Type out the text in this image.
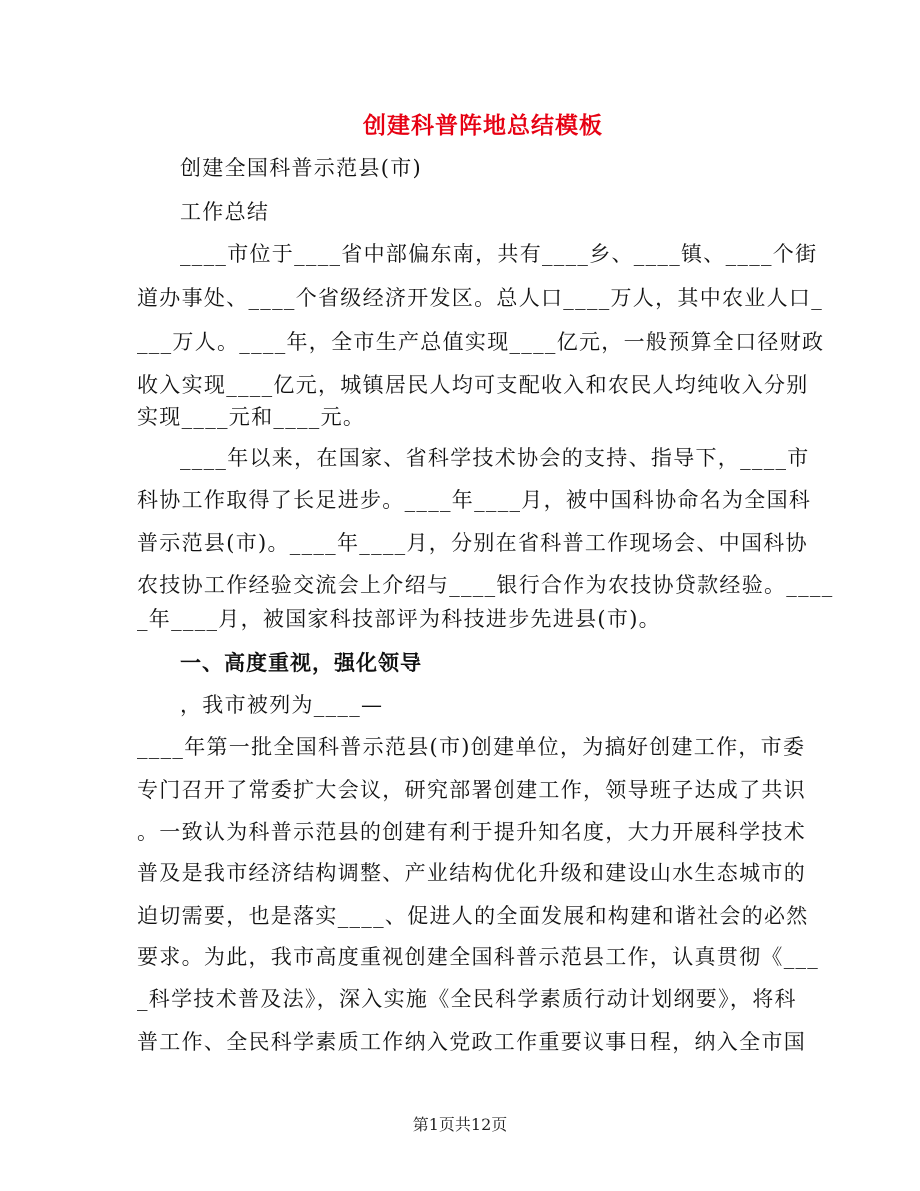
创建科普阵地总结模板
创建全国科普示范县(市)
工作总结
____市位于____省中部偏东南，共有____乡、____镇、____个街
道办事处、____个省级经济开发区。总人口____万人，其中农业人口_
___万人。____年，全市生产总值实现____亿元，一般预算全口径财政
收入实现____亿元，城镇居民人均可支配收入和农民人均纯收入分别
实现____元和____元。
____年以来，在国家、省科学技术协会的支持、指导下，____市
科协工作取得了长足进步。____年____月，被中国科协命名为全国科
普示范县(市)。____年____月，分别在省科普工作现场会、中国科协
农技协工作经验交流会上介绍与____银行合作为农技协贷款经验。____
_年____月，被国家科技部评为科技进步先进县(市)。
一、高度重视，强化领导
，我市被列为____—
____年第一批全国科普示范县(市)创建单位，为搞好创建工作，市委
专门召开了常委扩大会议，研究部署创建工作，领导班子达成了共识
。一致认为科普示范县的创建有利于提升知名度，大力开展科学技术
普及是我市经济结构调整、产业结构优化升级和建设山水生态城市的
迫切需要，也是落实____、促进人的全面发展和构建和谐社会的必然
要求。为此，我市高度重视创建全国科普示范县工作，认真贯彻《___
_科学技术普及法》，深入实施《全民科学素质行动计划纲要》，将科
普工作、全民科学素质工作纳入党政工作重要议事日程，纳入全市国
第1页共12页
